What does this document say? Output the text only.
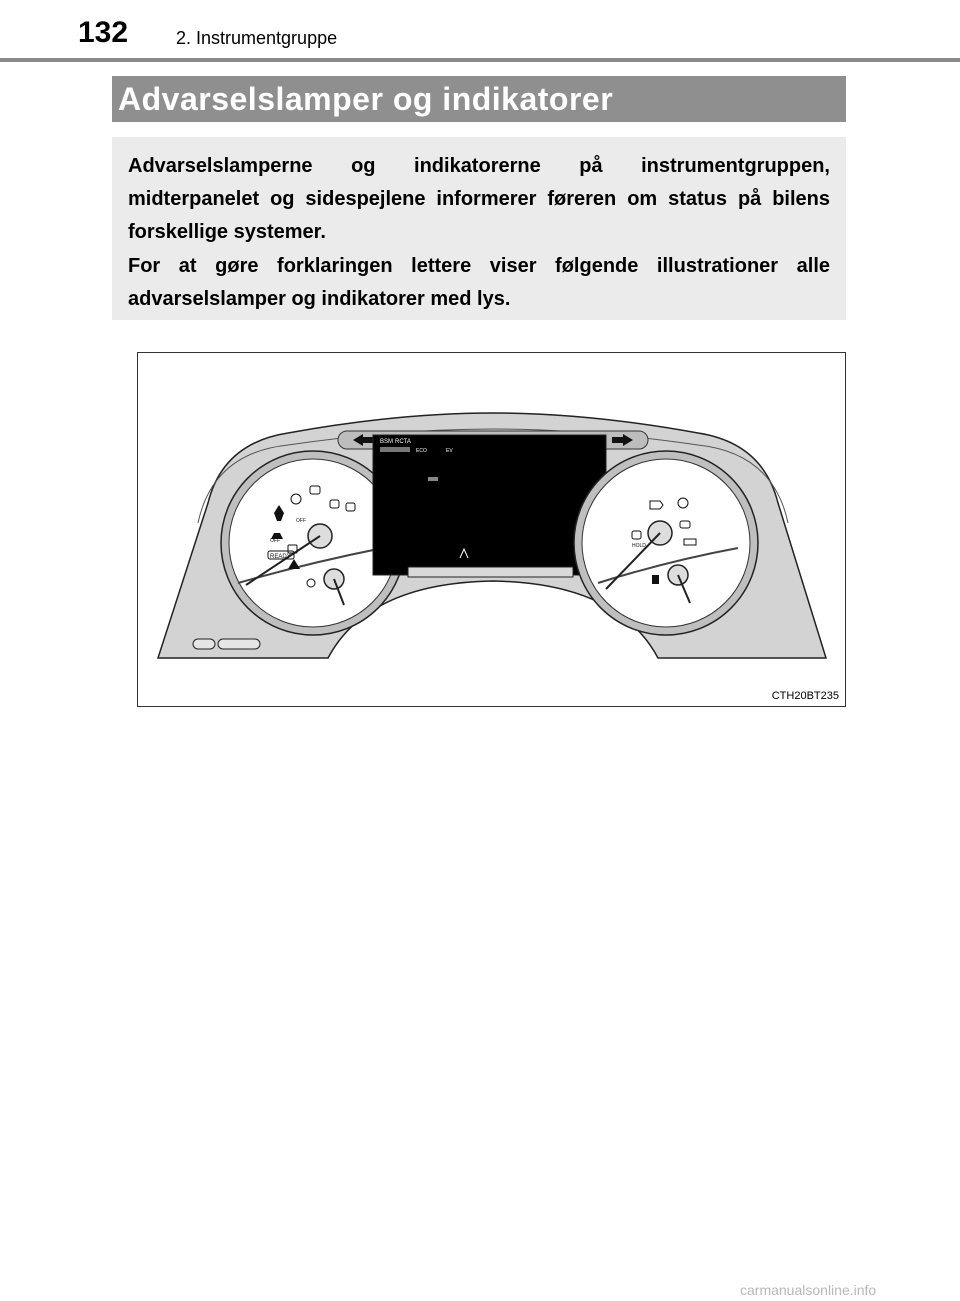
132	2. Instrumentgruppe
Advarselslamper og indikatorer

Advarselslamperne og indikatorerne på instrumentgruppen, midterpanelet og sidespejlene informerer føreren om status på bilens forskellige systemer.

For at gøre forklaringen lettere viser følgende illustrationer alle advarselslamper og indikatorer med lys.

READY
OFF
OFF
BSM RCTA
ECO	EV
HOLD
CTH20BT235
carmanualsonline.info
